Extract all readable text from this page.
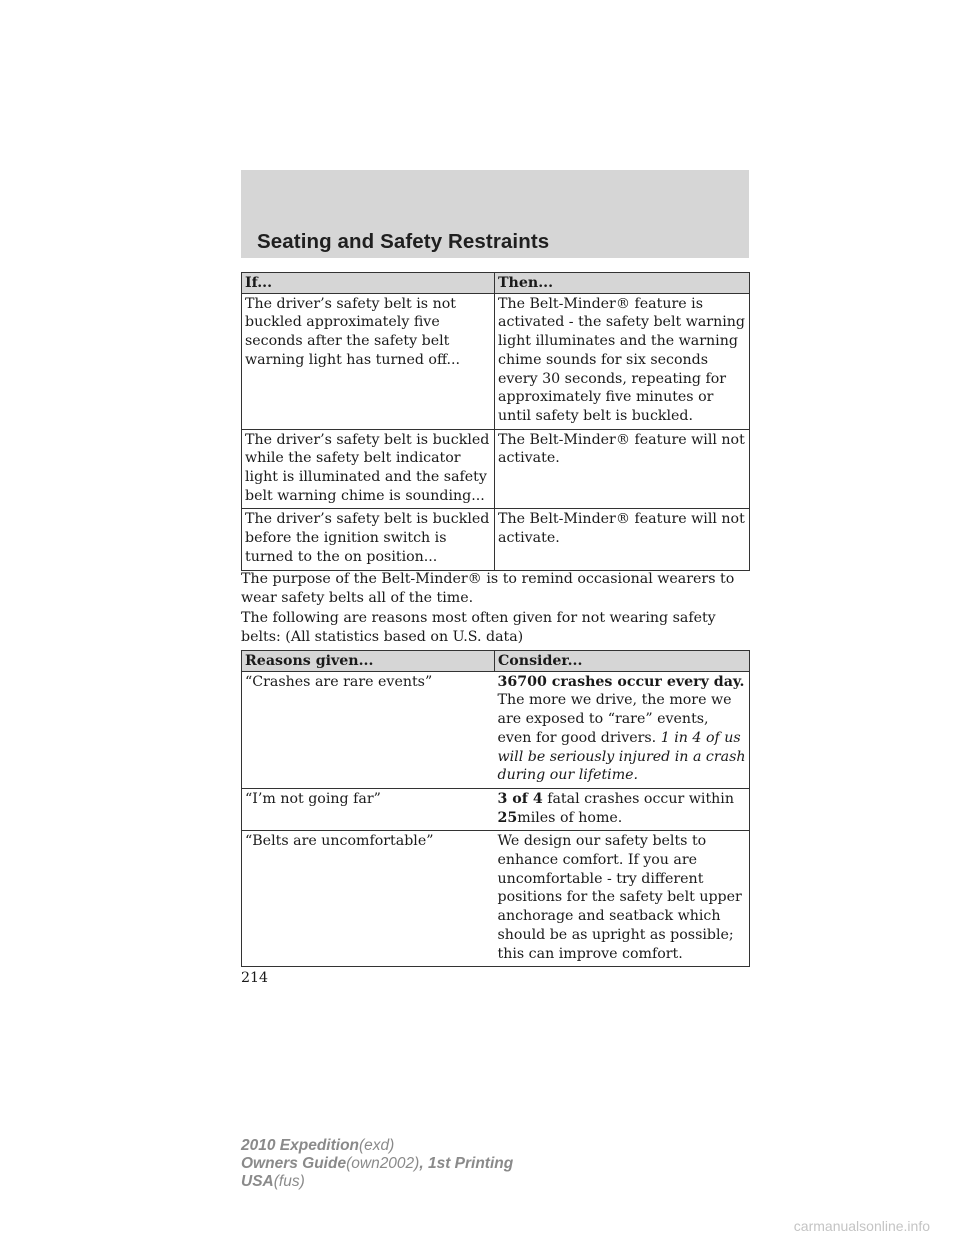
Seating and Safety Restraints
If...	Then...
The driver’s safety belt is not buckled approximately five seconds after the safety belt warning light has turned off...	The Belt-Minder® feature is activated - the safety belt warning light illuminates and the warning chime sounds for six seconds every 30 seconds, repeating for approximately five minutes or until safety belt is buckled.
The driver’s safety belt is buckled while the safety belt indicator light is illuminated and the safety belt warning chime is sounding...	The Belt-Minder® feature will not activate.
The driver’s safety belt is buckled before the ignition switch is turned to the on position...	The Belt-Minder® feature will not activate.

The purpose of the Belt-Minder® is to remind occasional wearers to wear safety belts all of the time.

The following are reasons most often given for not wearing safety belts: (All statistics based on U.S. data)

Reasons given...	Consider...
“Crashes are rare events”	36700 crashes occur every day. The more we drive, the more we are exposed to “rare” events, even for good drivers. 1 in 4 of us will be seriously injured in a crash during our lifetime.
“I’m not going far”	3 of 4 fatal crashes occur within 25miles of home.
“Belts are uncomfortable”	We design our safety belts to enhance comfort. If you are uncomfortable - try different positions for the safety belt upper anchorage and seatback which should be as upright as possible; this can improve comfort.
214
2010 Expedition(exd)
Owners Guide(own2002), 1st Printing
USA(fus)
carmanualsonline.info
